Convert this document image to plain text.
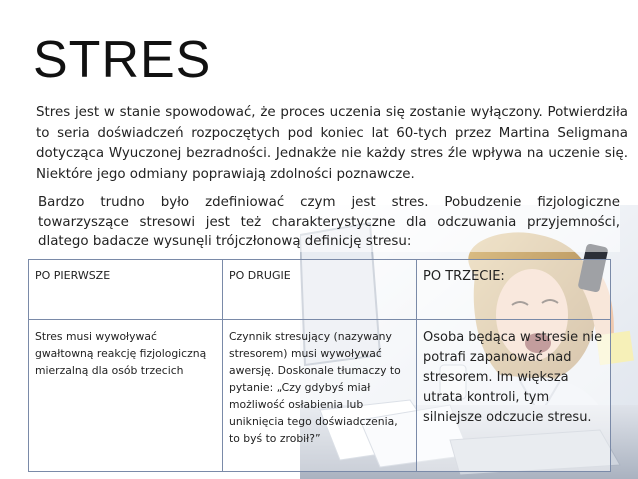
STRES
Stres jest w stanie spowodować, że proces uczenia się zostanie wyłączony. Potwierdziła to seria doświadczeń rozpoczętych pod koniec lat 60-tych przez Martina Seligmana dotycząca Wyuczonej bezradności. Jednakże nie każdy stres źle wpływa na uczenie się. Niektóre jego odmiany poprawiają zdolności poznawcze.
Bardzo trudno było zdefiniować czym jest stres. Pobudzenie fizjologiczne towarzyszące stresowi jest też charakterystyczne dla odczuwania przyjemności, dlatego badacze wysunęli trójczłonową definicję stresu:
PO PIERWSZE	PO DRUGIE	PO TRZECIE:
Stres musi wywoływać gwałtowną reakcję fizjologiczną mierzalną dla osób trzecich	Czynnik stresujący (nazywany stresorem) musi wywoływać awersję. Doskonale tłumaczy to pytanie: „Czy gdybyś miał możliwość osłabienia lub uniknięcia tego doświadczenia, to byś to zrobił?”	Osoba będąca w stresie nie potrafi zapanować nad stresorem. Im większa utrata kontroli, tym silniejsze odczucie stresu.
